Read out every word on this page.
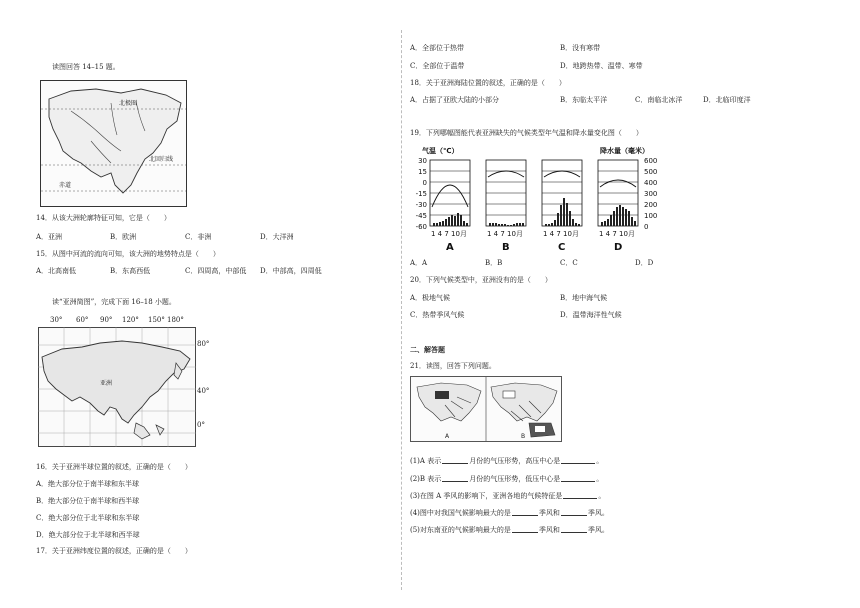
读图回答 14–15 题。
北极圈
北回归线
赤道
14．从该大洲轮廓特征可知，它是（　　）
A．亚洲	B．欧洲	C．非洲	D．大洋洲
15．从图中河流的流向可知，该大洲的地势特点是（　　）
A．北高南低	B．东高西低	C．四周高，中部低 D．中部高，四周低
读“亚洲简图”，完成下面 16–18 小题。
30° 60° 90° 120° 150° 180°
80°
40°
0°
亚洲
16．关于亚洲半球位置的叙述，正确的是（　　）
A．绝大部分位于南半球和东半球
B．绝大部分位于南半球和西半球
C．绝大部分位于北半球和东半球
D．绝大部分位于北半球和西半球
17．关于亚洲纬度位置的叙述，正确的是（　　）
A．全部位于热带	B．没有寒带
C．全部位于温带	D．地跨热带、温带、寒带
18．关于亚洲海陆位置的叙述，正确的是（　　）
A．占据了亚欧大陆的小部分	B．东临太平洋	C．南临北冰洋	D．北临印度洋
19．下列哪幅图能代表亚洲缺失的气候类型年气温和降水量变化图（　　）
气温（℃）	降水量（毫米）
30
15
0
-15
-30
-45
-60
600
500
400
300
200
100
0
1 4 7 10月
A
1 4 7 10月
B
1 4 7 10月
C
1 4 7 10月
D
A．A	B．B	C．C	D．D
20．下列气候类型中，亚洲没有的是（　　）
A．极地气候	B．地中海气候
C．热带季风气候	D．温带海洋性气候
二、解答题
21．读图，回答下列问题。
A	B
(1)A 表示	月份的气压形势，高压中心是	。
(2)B 表示	月份的气压形势，低压中心是	。
(3)在图 A 季风的影响下，亚洲各地的气候特征是	。
(4)图中对我国气候影响最大的是	季风和	季风。
(5)对东南亚的气候影响最大的是	季风和	季风。
